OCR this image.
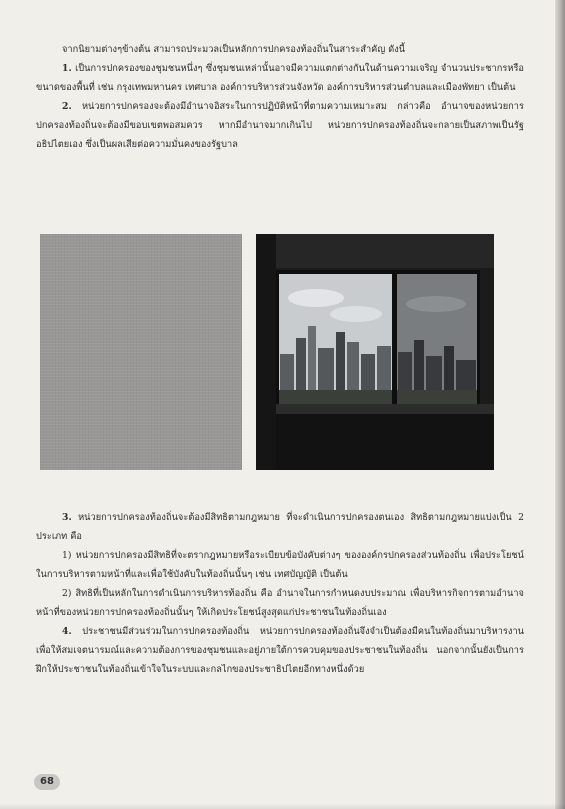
จากนิยามต่างๆข้างต้น สามารถประมวลเป็นหลักการปกครองท้องถิ่นในสาระสำคัญ ดังนี้

1. เป็นการปกครองของชุมชนหนึ่งๆ ซึ่งชุมชนเหล่านั้นอาจมีความแตกต่างกันในด้านความเจริญ จำนวนประชากรหรือขนาดของพื้นที่ เช่น กรุงเทพมหานคร เทศบาล องค์การบริหารส่วนจังหวัด องค์การบริหารส่วนตำบลและเมืองพัทยา เป็นต้น

2. หน่วยการปกครองจะต้องมีอำนาจอิสระในการปฏิบัติหน้าที่ตามความเหมาะสม กล่าวคือ อำนาจของหน่วยการปกครองท้องถิ่นจะต้องมีขอบเขตพอสมควร หากมีอำนาจมากเกินไป หน่วยการปกครองท้องถิ่นจะกลายเป็นสภาพเป็นรัฐอธิปไตยเอง ซึ่งเป็นผลเสียต่อความมั่นคงของรัฐบาล

3. หน่วยการปกครองท้องถิ่นจะต้องมีสิทธิตามกฎหมาย ที่จะดำเนินการปกครองตนเอง สิทธิตามกฎหมายแบ่งเป็น 2 ประเภท คือ

1) หน่วยการปกครองมีสิทธิที่จะตรากฎหมายหรือระเบียบข้อบังคับต่างๆ ขององค์กรปกครองส่วนท้องถิ่น เพื่อประโยชน์ในการบริหารตามหน้าที่และเพื่อใช้บังคับในท้องถิ่นนั้นๆ เช่น เทศบัญญัติ เป็นต้น

2) สิทธิที่เป็นหลักในการดำเนินการบริหารท้องถิ่น คือ อำนาจในการกำหนดงบประมาณ เพื่อบริหารกิจการตามอำนาจหน้าที่ของหน่วยการปกครองท้องถิ่นนั้นๆ ให้เกิดประโยชน์สูงสุดแก่ประชาชนในท้องถิ่นเอง

4. ประชาชนมีส่วนร่วมในการปกครองท้องถิ่น หน่วยการปกครองท้องถิ่นจึงจำเป็นต้องมีคนในท้องถิ่นมาบริหารงาน เพื่อให้สมเจตนารมณ์และความต้องการของชุมชนและอยู่ภายใต้การควบคุมของประชาชนในท้องถิ่น นอกจากนั้นยังเป็นการฝึกให้ประชาชนในท้องถิ่นเข้าใจในระบบและกลไกของประชาธิปไตยอีกทางหนึ่งด้วย

68
